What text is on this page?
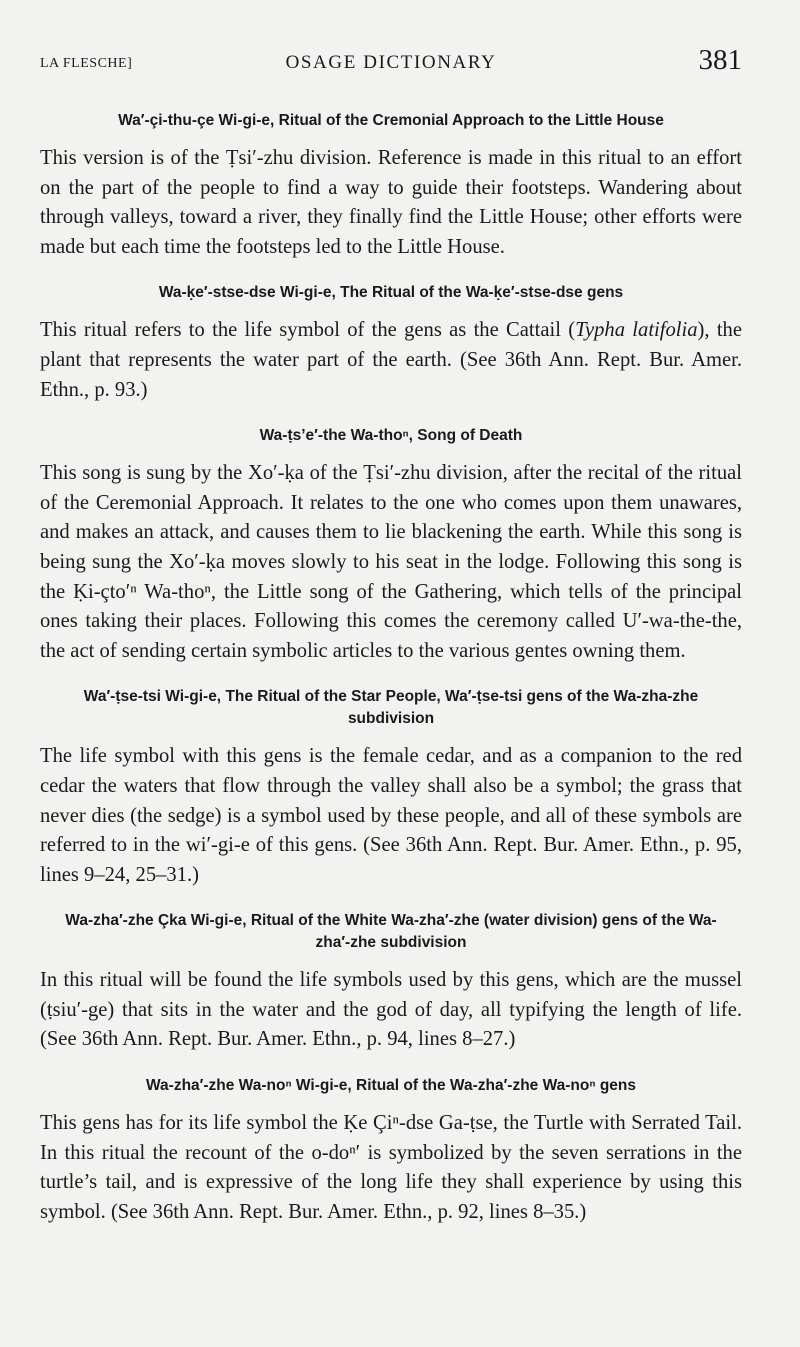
LA FLESCHE]	OSAGE DICTIONARY	381
Wa′-çi-thu-çe Wi-gi-e, Ritual of the Cremonial Approach to the Little House

This version is of the Ṭsi′-zhu division. Reference is made in this ritual to an effort on the part of the people to find a way to guide their footsteps. Wandering about through valleys, toward a river, they finally find the Little House; other efforts were made but each time the footsteps led to the Little House.

Wa-ḳe′-stse-dse Wi-gi-e, The Ritual of the Wa-ḳe′-stse-dse gens

This ritual refers to the life symbol of the gens as the Cattail (Typha latifolia), the plant that represents the water part of the earth. (See 36th Ann. Rept. Bur. Amer. Ethn., p. 93.)

Wa-ṭs’e′-the Wa-thoⁿ, Song of Death

This song is sung by the Xo′-ḳa of the Ṭsi′-zhu division, after the recital of the ritual of the Ceremonial Approach. It relates to the one who comes upon them unawares, and makes an attack, and causes them to lie blackening the earth. While this song is being sung the Xo′-ḳa moves slowly to his seat in the lodge. Following this song is the Ḳi-çto′ⁿ Wa-thoⁿ, the Little song of the Gathering, which tells of the principal ones taking their places. Following this comes the ceremony called U′-wa-the-the, the act of sending certain symbolic articles to the various gentes owning them.

Wa′-ṭse-tsi Wi-gi-e, The Ritual of the Star People, Wa′-ṭse-tsi gens of the Wa-zha-zhe subdivision

The life symbol with this gens is the female cedar, and as a companion to the red cedar the waters that flow through the valley shall also be a symbol; the grass that never dies (the sedge) is a symbol used by these people, and all of these symbols are referred to in the wi′-gi-e of this gens. (See 36th Ann. Rept. Bur. Amer. Ethn., p. 95, lines 9–24, 25–31.)

Wa-zha′-zhe Çka Wi-gi-e, Ritual of the White Wa-zha′-zhe (water division) gens of the Wa-zha′-zhe subdivision

In this ritual will be found the life symbols used by this gens, which are the mussel (ṭsiu′-ge) that sits in the water and the god of day, all typifying the length of life. (See 36th Ann. Rept. Bur. Amer. Ethn., p. 94, lines 8–27.)

Wa-zha′-zhe Wa-noⁿ Wi-gi-e, Ritual of the Wa-zha′-zhe Wa-noⁿ gens

This gens has for its life symbol the Ḳe Çiⁿ-dse Ga-ṭse, the Turtle with Serrated Tail. In this ritual the recount of the o-doⁿ′ is symbolized by the seven serrations in the turtle’s tail, and is expressive of the long life they shall experience by using this symbol. (See 36th Ann. Rept. Bur. Amer. Ethn., p. 92, lines 8–35.)
